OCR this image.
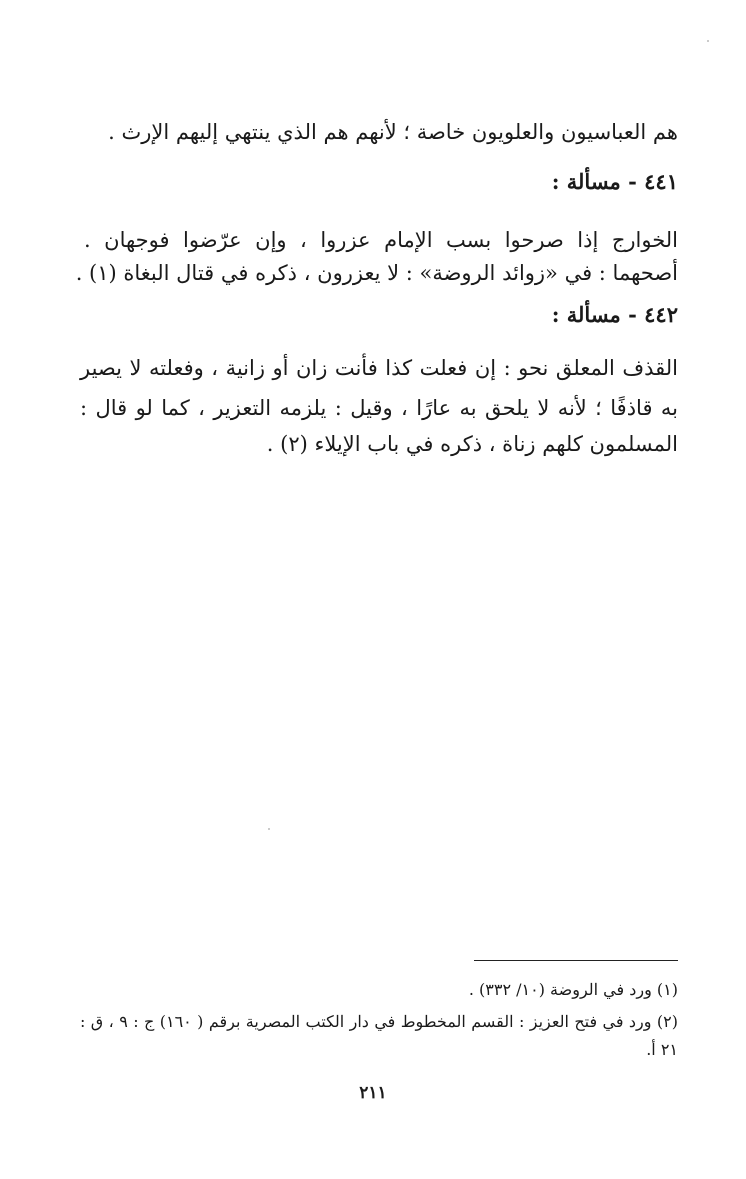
هم العباسيون والعلويون خاصة ؛ لأنهم هم الذي ينتهي إليهم الإرث .
٤٤١ - مسألة :
الخوارج إذا صرحوا بسب الإمام عزروا ، وإن عرّضوا فوجهان .
أصحهما : في «زوائد الروضة» : لا يعزرون ، ذكره في قتال البغاة (١) .
٤٤٢ - مسألة :
القذف المعلق نحو : إن فعلت كذا فأنت زان أو زانية ، وفعلته لا يصير
به قاذفًا ؛ لأنه لا يلحق به عارًا ، وقيل : يلزمه التعزير ، كما لو قال :
المسلمون كلهم زناة ، ذكره في باب الإيلاء (٢) .
(١) ورد في الروضة (١٠/ ٣٣٢) .
(٢) ورد في فتح العزيز : القسم المخطوط في دار الكتب المصرية برقم ( ١٦٠) ج : ٩ ، ق :
٢١ أ.
٢١١
